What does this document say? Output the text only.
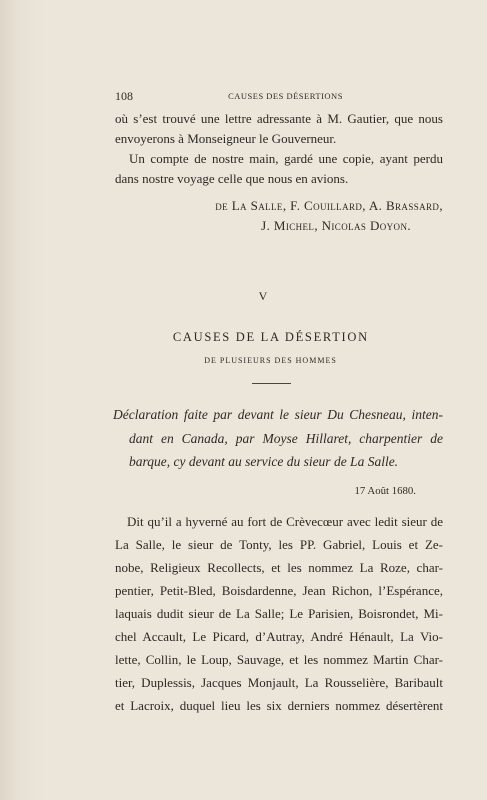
108	CAUSES DES DÉSERTIONS
où s’est trouvé une lettre adressante à M. Gautier, que nous
envoyerons à Monseigneur le Gouverneur.
Un compte de nostre main, gardé une copie, ayant perdu
dans nostre voyage celle que nous en avions.
de La Salle, F. Couillard, A. Brassard,
J. Michel, Nicolas Doyon.
V
CAUSES DE LA DÉSERTION
DE PLUSIEURS DES HOMMES
Déclaration faite par devant le sieur Du Chesneau, inten-
dant en Canada, par Moyse Hillaret, charpentier de
barque, cy devant au service du sieur de La Salle.
17 Août 1680.
Dit qu’il a hyverné au fort de Crèvecœur avec ledit sieur de
La Salle, le sieur de Tonty, les PP. Gabriel, Louis et Ze-
nobe, Religieux Recollects, et les nommez La Roze, char-
pentier, Petit-Bled, Boisdardenne, Jean Richon, l’Espérance,
laquais dudit sieur de La Salle; Le Parisien, Boisrondet, Mi-
chel Accault, Le Picard, d’Autray, André Hénault, La Vio-
lette, Collin, le Loup, Sauvage, et les nommez Martin Char-
tier, Duplessis, Jacques Monjault, La Rousselière, Baribault
et Lacroix, duquel lieu les six derniers nommez désertèrent
